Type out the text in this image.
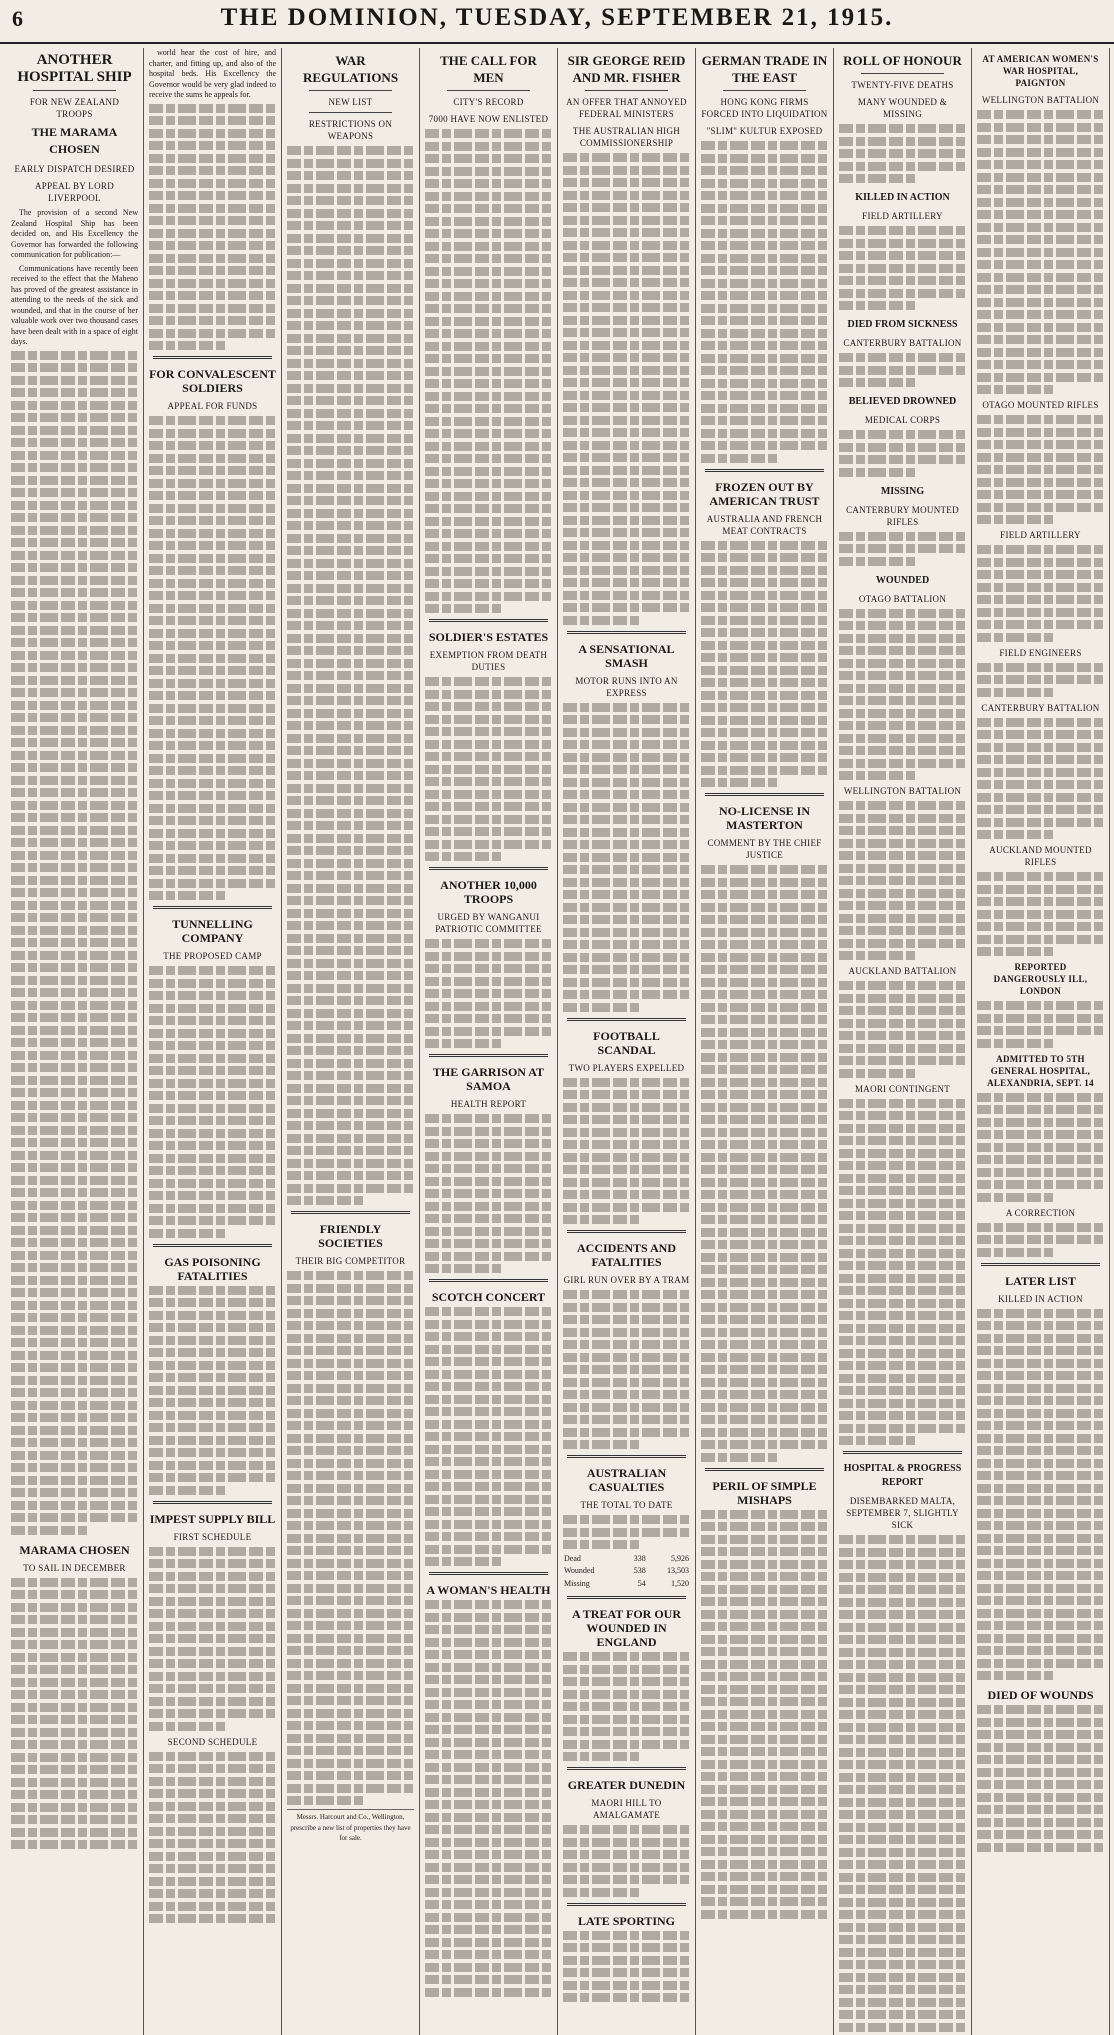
6	THE DOMINION, TUESDAY, SEPTEMBER 21, 1915.
ANOTHER HOSPITAL SHIP
FOR NEW ZEALAND TROOPS
THE MARAMA CHOSEN
EARLY DISPATCH DESIRED
APPEAL BY LORD LIVERPOOL

The provision of a second New Zealand Hospital Ship has been decided on, and His Excellency the Governor has forwarded the following communication for publication:—

Communications have recently been received to the effect that the Maheno has proved of the greatest assistance in attending to the needs of the sick and wounded, and that in the course of her valuable work over two thousand cases have been dealt with in a space of eight days.

MARAMA CHOSEN
TO SAIL IN DECEMBER

world hear the cost of hire, and charter, and fitting up, and also of the hospital beds. His Excellency the Governor would be very glad indeed to receive the sums he appeals for.

FOR CONVALESCENT SOLDIERS
APPEAL FOR FUNDS
TUNNELLING COMPANY
THE PROPOSED CAMP
GAS POISONING FATALITIES
IMPEST SUPPLY BILL
FIRST SCHEDULE
SECOND SCHEDULE
WAR REGULATIONS
NEW LIST
RESTRICTIONS ON WEAPONS
FRIENDLY SOCIETIES
THEIR BIG COMPETITOR
Messrs. Harcourt and Co., Wellington, prescribe a new list of properties they have for sale.
THE CALL FOR MEN
CITY'S RECORD
7000 HAVE NOW ENLISTED
SOLDIER'S ESTATES
EXEMPTION FROM DEATH DUTIES
ANOTHER 10,000 TROOPS
URGED BY WANGANUI PATRIOTIC COMMITTEE
THE GARRISON AT SAMOA
HEALTH REPORT
SCOTCH CONCERT
A WOMAN'S HEALTH
SIR GEORGE REID AND MR. FISHER
AN OFFER THAT ANNOYED FEDERAL MINISTERS
THE AUSTRALIAN HIGH COMMISSIONERSHIP
A SENSATIONAL SMASH
MOTOR RUNS INTO AN EXPRESS
FOOTBALL SCANDAL
TWO PLAYERS EXPELLED
ACCIDENTS AND FATALITIES
GIRL RUN OVER BY A TRAM
AUSTRALIAN CASUALTIES
THE TOTAL TO DATE
Dead	338	5,926
Wounded	538	13,503
Missing	54	1,520
A TREAT FOR OUR WOUNDED IN ENGLAND
GREATER DUNEDIN
MAORI HILL TO AMALGAMATE
LATE SPORTING
GERMAN TRADE IN THE EAST
HONG KONG FIRMS FORCED INTO LIQUIDATION
"SLIM" KULTUR EXPOSED
FROZEN OUT BY AMERICAN TRUST
AUSTRALIA AND FRENCH MEAT CONTRACTS
NO-LICENSE IN MASTERTON
COMMENT BY THE CHIEF JUSTICE
PERIL OF SIMPLE MISHAPS
ROLL OF HONOUR
TWENTY-FIVE DEATHS
MANY WOUNDED & MISSING
KILLED IN ACTION
FIELD ARTILLERY
DIED FROM SICKNESS
CANTERBURY BATTALION
BELIEVED DROWNED
MEDICAL CORPS
MISSING
CANTERBURY MOUNTED RIFLES
WOUNDED
OTAGO BATTALION
WELLINGTON BATTALION
AUCKLAND BATTALION
MAORI CONTINGENT
HOSPITAL & PROGRESS REPORT
DISEMBARKED MALTA, SEPTEMBER 7, SLIGHTLY SICK
AT AMERICAN WOMEN'S WAR HOSPITAL, PAIGNTON
WELLINGTON BATTALION
OTAGO MOUNTED RIFLES
FIELD ARTILLERY
FIELD ENGINEERS
CANTERBURY BATTALION
AUCKLAND MOUNTED RIFLES
REPORTED DANGEROUSLY ILL, LONDON
ADMITTED TO 5TH GENERAL HOSPITAL, ALEXANDRIA, SEPT. 14
A CORRECTION
LATER LIST
KILLED IN ACTION
DIED OF WOUNDS
